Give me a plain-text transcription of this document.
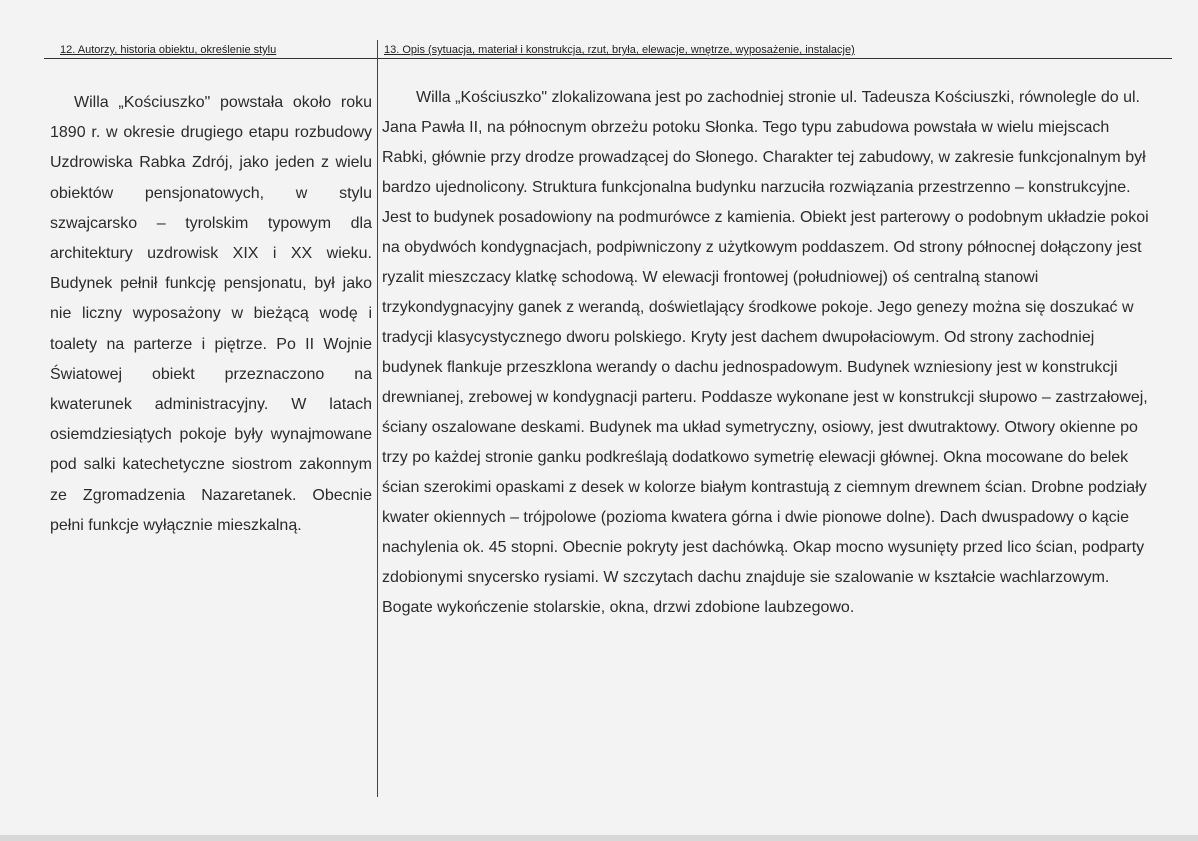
12. Autorzy, historia obiektu, określenie stylu	13. Opis (sytuacja, materiał i konstrukcja, rzut, bryła, elewacje, wnętrze, wyposażenie, instalacje)

Willa „Kościuszko" powstała około roku 1890 r. w okresie drugiego etapu rozbudowy Uzdrowiska Rabka Zdrój, jako jeden z wielu obiektów pensjonatowych, w stylu szwajcarsko – tyrolskim typowym dla architektury uzdrowisk XIX i XX wieku. Budynek pełnił funkcję pensjonatu, był jako nie liczny wyposażony w bieżącą wodę i toalety na parterze i piętrze. Po II Wojnie Światowej obiekt przeznaczono na kwaterunek administracyjny. W latach osiemdziesiątych pokoje były wynajmowane pod salki katechetyczne siostrom zakonnym ze Zgromadzenia Nazaretanek. Obecnie pełni funkcje wyłącznie mieszkalną.

Willa „Kościuszko" zlokalizowana jest po zachodniej stronie ul. Tadeusza Kościuszki, równolegle do ul. Jana Pawła II, na północnym obrzeżu potoku Słonka. Tego typu zabudowa powstała w wielu miejscach Rabki, głównie przy drodze prowadzącej do Słonego. Charakter tej zabudowy, w zakresie funkcjonalnym był bardzo ujednolicony. Struktura funkcjonalna budynku narzuciła rozwiązania przestrzenno – konstrukcyjne. Jest to budynek posadowiony na podmurówce z kamienia. Obiekt jest parterowy o podobnym układzie pokoi na obydwóch kondygnacjach, podpiwniczony z użytkowym poddaszem. Od strony północnej dołączony jest ryzalit mieszczacy klatkę schodową. W elewacji frontowej (południowej) oś centralną stanowi trzykondygnacyjny ganek z werandą, doświetlający środkowe pokoje. Jego genezy można się doszukać w tradycji klasycystycznego dworu polskiego. Kryty jest dachem dwupołaciowym. Od strony zachodniej budynek flankuje przeszklona werandy o dachu jednospadowym. Budynek wzniesiony jest w konstrukcji drewnianej, zrebowej w kondygnacji parteru. Poddasze wykonane jest w konstrukcji słupowo – zastrzałowej, ściany oszalowane deskami. Budynek ma układ symetryczny, osiowy, jest dwutraktowy. Otwory okienne po trzy po każdej stronie ganku podkreślają dodatkowo symetrię elewacji głównej. Okna mocowane do belek ścian szerokimi opaskami z desek w kolorze białym kontrastują z ciemnym drewnem ścian. Drobne podziały kwater okiennych – trójpolowe (pozioma kwatera górna i dwie pionowe dolne). Dach dwuspadowy o kącie nachylenia ok. 45 stopni. Obecnie pokryty jest dachówką. Okap mocno wysunięty przed lico ścian, podparty zdobionymi snycersko rysiami. W szczytach dachu znajduje sie szalowanie w kształcie wachlarzowym. Bogate wykończenie stolarskie, okna, drzwi zdobione laubzegowo.
